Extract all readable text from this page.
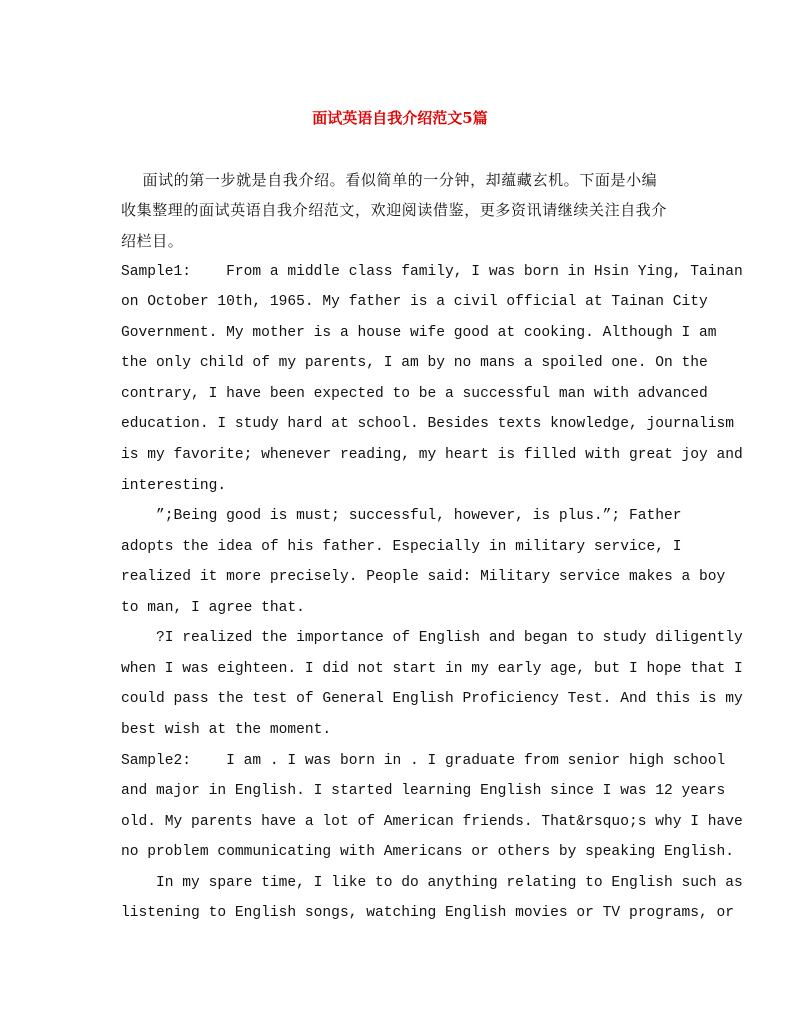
面试英语自我介绍范文5篇

面试的第一步就是自我介绍。看似简单的一分钟，却蕴藏玄机。下面是小编

收集整理的面试英语自我介绍范文，欢迎阅读借鉴，更多资讯请继续关注自我介

绍栏目。

Sample1:    From a middle class family, I was born in Hsin Ying, Tainan

on October 10th, 1965. My father is a civil official at Tainan City

Government. My mother is a house wife good at cooking. Although I am

the only child of my parents, I am by no mans a spoiled one. On the

contrary, I have been expected to be a successful man with advanced

education. I study hard at school. Besides texts knowledge, journalism

is my favorite; whenever reading, my heart is filled with great joy and

interesting.

”;Being good is must; successful, however, is plus.”; Father

adopts the idea of his father. Especially in military service, I

realized it more precisely. People said: Military service makes a boy

to man, I agree that.

?I realized the importance of English and began to study diligently

when I was eighteen. I did not start in my early age, but I hope that I

could pass the test of General English Proficiency Test. And this is my

best wish at the moment.

Sample2:    I am . I was born in . I graduate from senior high school

and major in English. I started learning English since I was 12 years

old. My parents have a lot of American friends. That&rsquo;s why I have

no problem communicating with Americans or others by speaking English.

In my spare time, I like to do anything relating to English such as

listening to English songs, watching English movies or TV programs, or
